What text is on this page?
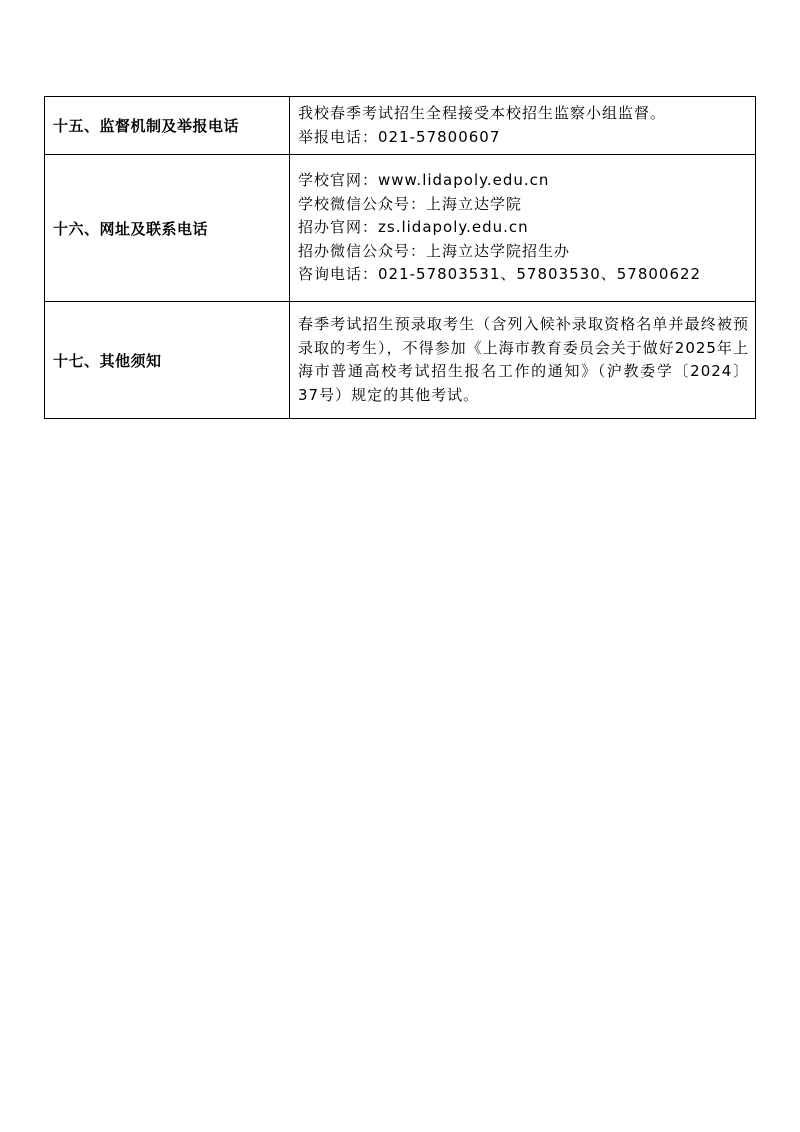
十五、监督机制及举报电话	我校春季考试招生全程接受本校招生监察小组监督。
举报电话：021-57800607

十六、网址及联系电话	学校官网：www.lidapoly.edu.cn
学校微信公众号：上海立达学院
招办官网：zs.lidapoly.edu.cn
招办微信公众号：上海立达学院招生办
咨询电话：021-57803531、57803530、57800622

十七、其他须知	春季考试招生预录取考生（含列入候补录取资格名单并最终被预录取的考生），不得参加《上海市教育委员会关于做好2025年上海市普通高校考试招生报名工作的通知》（沪教委学〔2024〕37号）规定的其他考试。
